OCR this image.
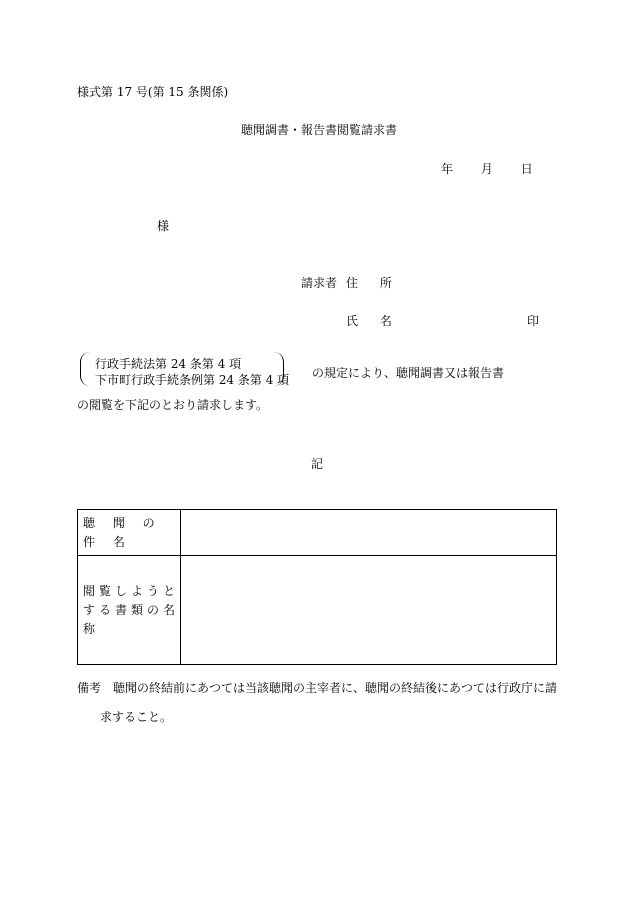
様式第 17 号(第 15 条関係)
聴聞調書・報告書閲覧請求書
年 月 日
様
請求者 住 所
氏 名	印
行政手続法第 24 条第 4 項
下市町行政手続条例第 24 条第 4 項 の規定により、聴聞調書又は報告書
の閲覧を下記のとおり請求します。
記
聴 聞 の 件 名	
閲覧しようとする書類の名称	
備考 聴聞の終結前にあつては当該聴聞の主宰者に、聴聞の終結後にあつては行政庁に請
求すること。
